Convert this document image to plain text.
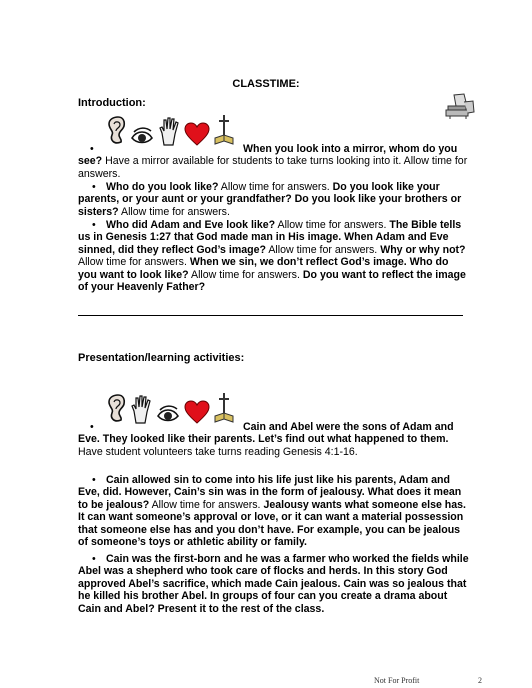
CLASSTIME:
Introduction:
•	When you look into a mirror, whom do you see? Have a mirror available for students to take turns looking into it. Allow time for answers.
• Who do you look like? Allow time for answers. Do you look like your parents, or your aunt or your grandfather? Do you look like your brothers or sisters? Allow time for answers.
• Who did Adam and Eve look like? Allow time for answers. The Bible tells us in Genesis 1:27 that God made man in His image. When Adam and Eve sinned, did they reflect God’s image? Allow time for answers. Why or why not? Allow time for answers. When we sin, we don’t reflect God’s image. Who do you want to look like? Allow time for answers. Do you want to reflect the image of your Heavenly Father?
Presentation/learning activities:
•	Cain and Abel were the sons of Adam and Eve. They looked like their parents. Let’s find out what happened to them. Have student volunteers take turns reading Genesis 4:1-16.
• Cain allowed sin to come into his life just like his parents, Adam and Eve, did. However, Cain’s sin was in the form of jealousy. What does it mean to be jealous? Allow time for answers. Jealousy wants what someone else has. It can want someone’s approval or love, or it can want a material possession that someone else has and you don’t have. For example, you can be jealous of someone’s toys or athletic ability or family.
• Cain was the first-born and he was a farmer who worked the fields while Abel was a shepherd who took care of flocks and herds. In this story God approved Abel’s sacrifice, which made Cain jealous. Cain was so jealous that he killed his brother Abel. In groups of four can you create a drama about Cain and Abel? Present it to the rest of the class.
Not For Profit	2
